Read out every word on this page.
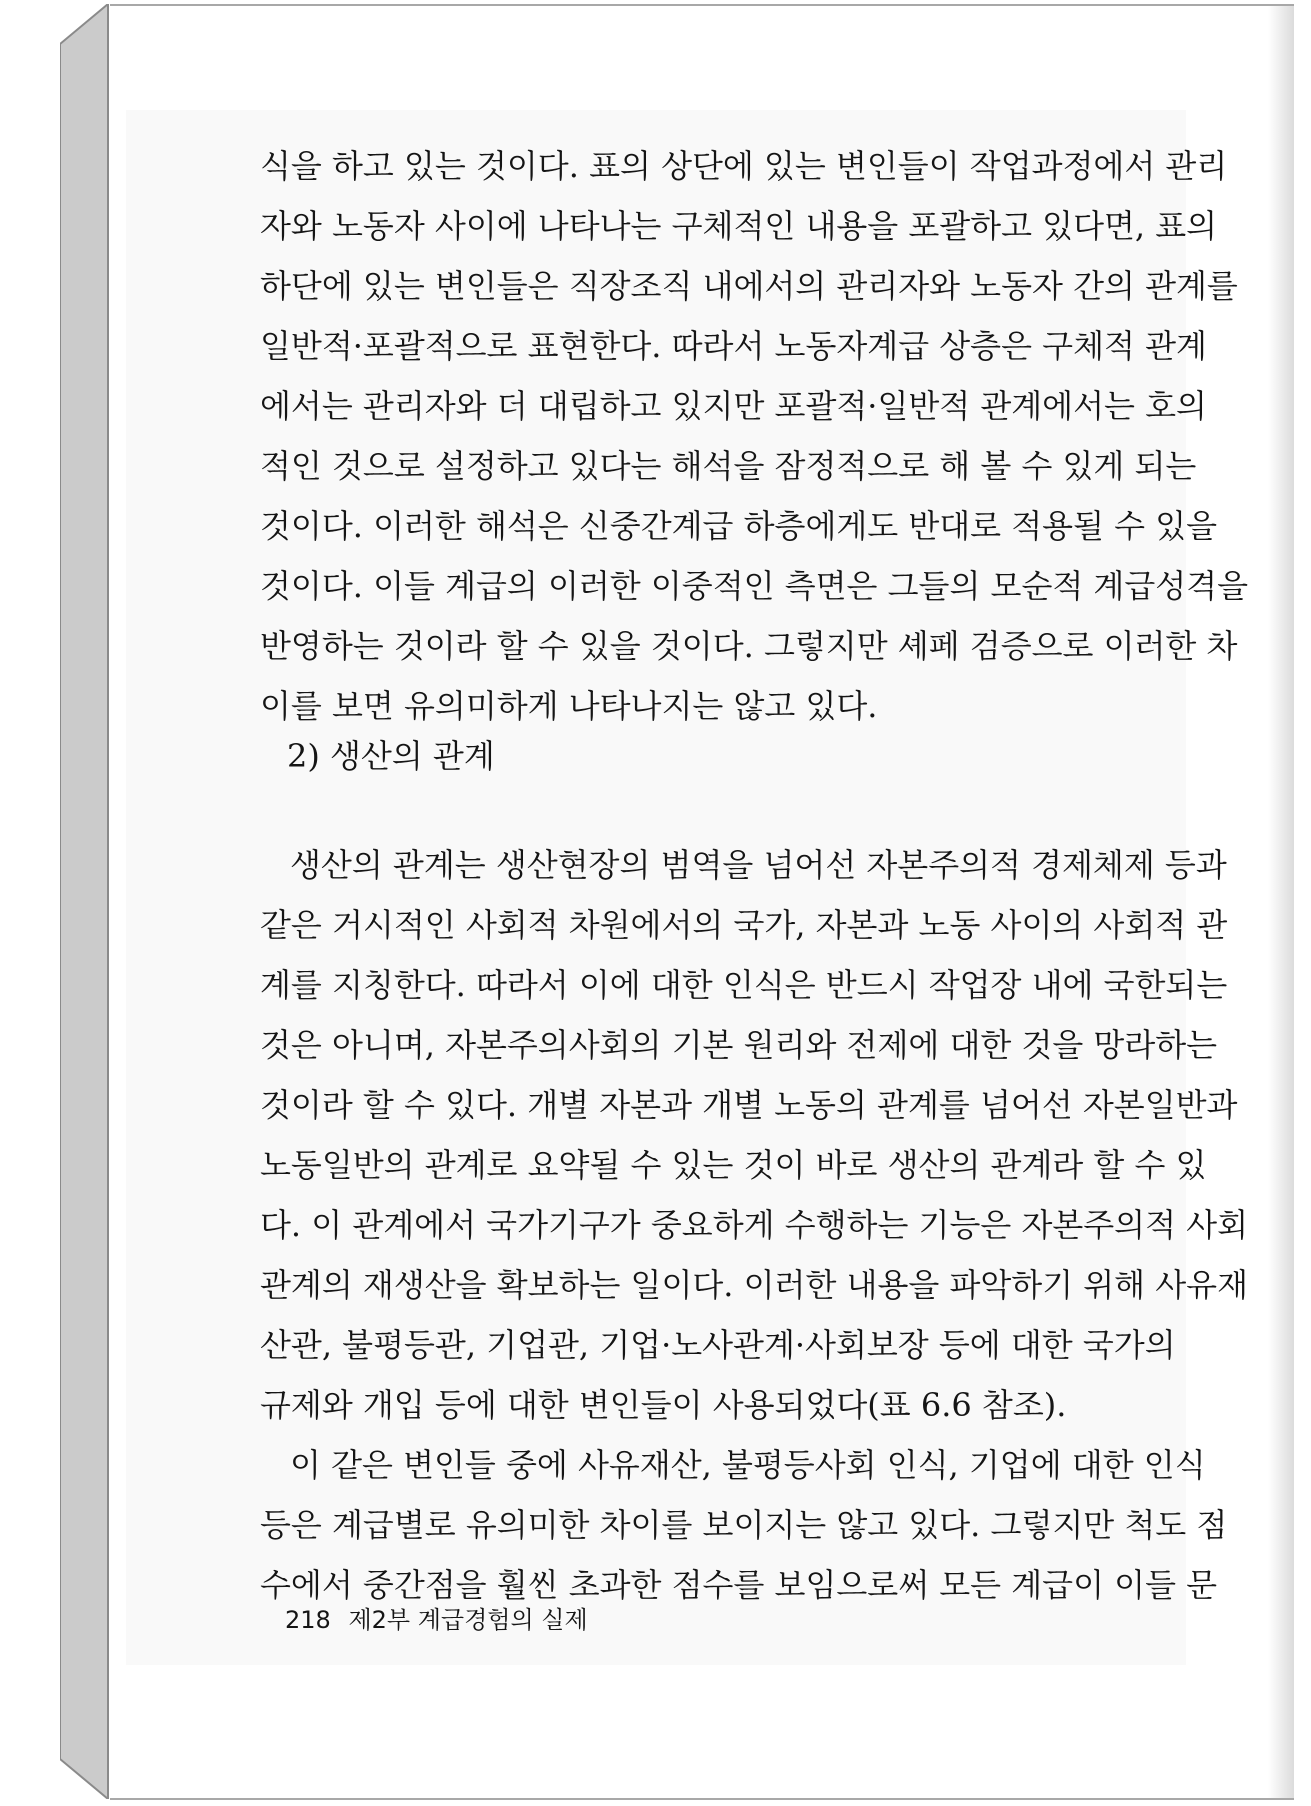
식을 하고 있는 것이다. 표의 상단에 있는 변인들이 작업과정에서 관리
자와 노동자 사이에 나타나는 구체적인 내용을 포괄하고 있다면, 표의
하단에 있는 변인들은 직장조직 내에서의 관리자와 노동자 간의 관계를
일반적·포괄적으로 표현한다. 따라서 노동자계급 상층은 구체적 관계
에서는 관리자와 더 대립하고 있지만 포괄적·일반적 관계에서는 호의
적인 것으로 설정하고 있다는 해석을 잠정적으로 해 볼 수 있게 되는
것이다. 이러한 해석은 신중간계급 하층에게도 반대로 적용될 수 있을
것이다. 이들 계급의 이러한 이중적인 측면은 그들의 모순적 계급성격을
반영하는 것이라 할 수 있을 것이다. 그렇지만 셰페 검증으로 이러한 차
이를 보면 유의미하게 나타나지는 않고 있다.
2) 생산의 관계
생산의 관계는 생산현장의 범역을 넘어선 자본주의적 경제체제 등과
같은 거시적인 사회적 차원에서의 국가, 자본과 노동 사이의 사회적 관
계를 지칭한다. 따라서 이에 대한 인식은 반드시 작업장 내에 국한되는
것은 아니며, 자본주의사회의 기본 원리와 전제에 대한 것을 망라하는
것이라 할 수 있다. 개별 자본과 개별 노동의 관계를 넘어선 자본일반과
노동일반의 관계로 요약될 수 있는 것이 바로 생산의 관계라 할 수 있
다. 이 관계에서 국가기구가 중요하게 수행하는 기능은 자본주의적 사회
관계의 재생산을 확보하는 일이다. 이러한 내용을 파악하기 위해 사유재
산관, 불평등관, 기업관, 기업·노사관계·사회보장 등에 대한 국가의
규제와 개입 등에 대한 변인들이 사용되었다(표 6.6 참조).
이 같은 변인들 중에 사유재산, 불평등사회 인식, 기업에 대한 인식
등은 계급별로 유의미한 차이를 보이지는 않고 있다. 그렇지만 척도 점
수에서 중간점을 훨씬 초과한 점수를 보임으로써 모든 계급이 이들 문
218 제2부 계급경험의 실제
